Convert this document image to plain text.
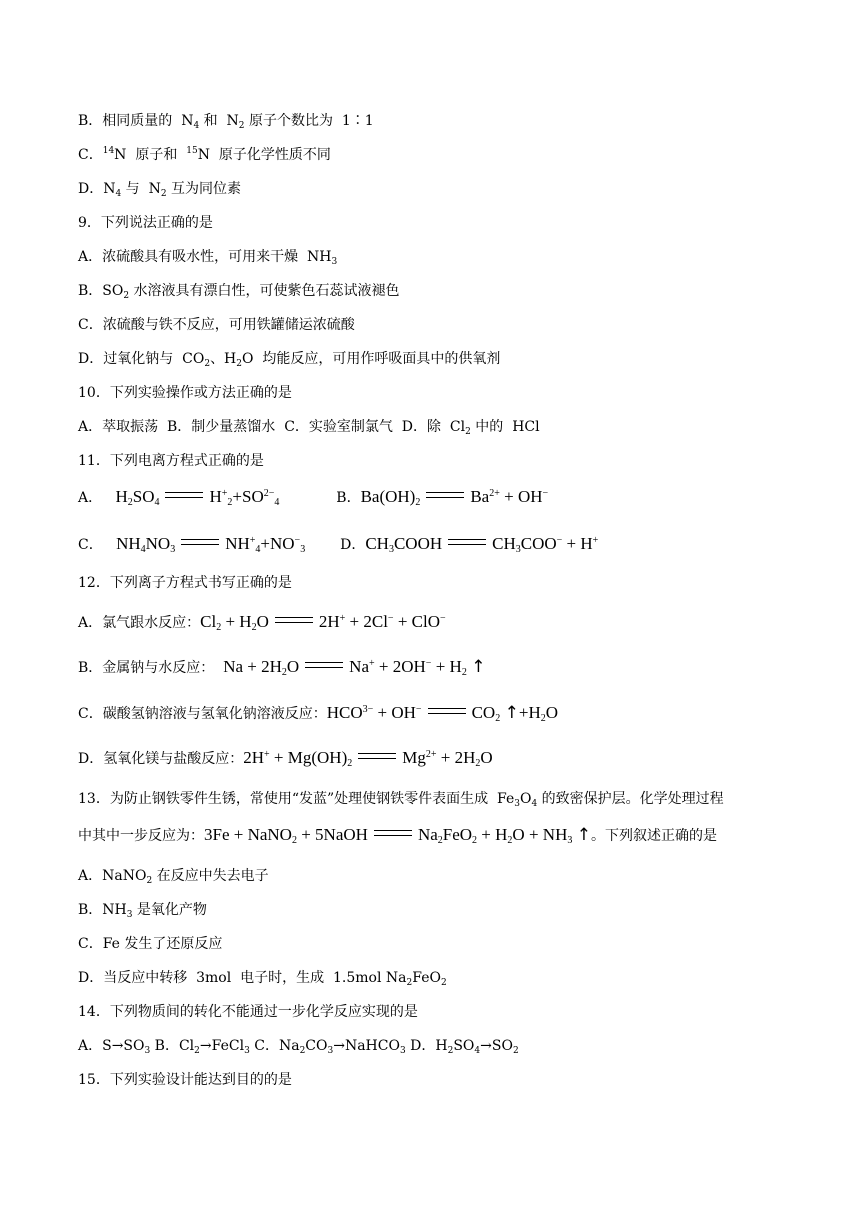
B．相同质量的  $N_4$ 和  $N_2$ 原子个数比为  1∶1
C．$^{14}$N  原子和  $^{15}$N  原子化学性质不同
D．$N_4$ 与  $N_2$ 互为同位素
9．下列说法正确的是
A．浓硫酸具有吸水性，可用来干燥  $NH_3$
B．$SO_2$ 水溶液具有漂白性，可使紫色石蕊试液褪色
C．浓硫酸与铁不反应，可用铁罐储运浓硫酸
D．过氧化钠与  $CO_2$、$H_2O$  均能反应，可用作呼吸面具中的供氧剂
10．下列实验操作或方法正确的是
A．萃取振荡  B．制少量蒸馏水  C．实验室制氯气  D．除  $Cl_2$ 中的  HCl
11．下列电离方程式正确的是
A．   $H_2SO_4$	$H^+_2+SO^{2-}_4$	B．$Ba(OH)_2$	$Ba^{2+} + OH^-$
C．   $NH_4NO_3$	$NH^+_4+NO^-_3$ D．$CH_3COOH$	$CH_3COO^- + H^+$
12．下列离子方程式书写正确的是
A．氯气跟水反应：$Cl_2 + H_2O$	2H+ + 2Cl− + ClO−
B．金属钠与水反应： $Na + 2H_2O$	$Na^+ + 2OH^- + H_2$ ↑
C．碳酸氢钠溶液与氢氧化钠溶液反应：$HCO^{3-} + OH^-$	$CO_2$ $↑+H_2O$
D．氢氧化镁与盐酸反应：$2H^+ + Mg(OH)_2$	$Mg^{2+} + 2H_2O$
13．为防止钢铁零件生锈，常使用“发蓝”处理使钢铁零件表面生成  $Fe_3O_4$ 的致密保护层。化学处理过程
中其中一步反应为：3Fe + NaNO$_2$ + 5NaOH	$Na_2FeO_2 + H_2O + NH_3$ ↑。下列叙述正确的是
A．NaNO$_2$ 在反应中失去电子
B．$NH_3$ 是氧化产物
C．Fe 发生了还原反应
D．当反应中转移  3mol  电子时，生成  1.5mol $Na_2FeO_2$
14．下列物质间的转化不能通过一步化学反应实现的是
A．$S\to SO_3$ B．$Cl_2\to FeCl_3$ C．$Na_2CO_3\to NaHCO_3$ D．$H_2SO_4\to SO_2$
15．下列实验设计能达到目的的是
